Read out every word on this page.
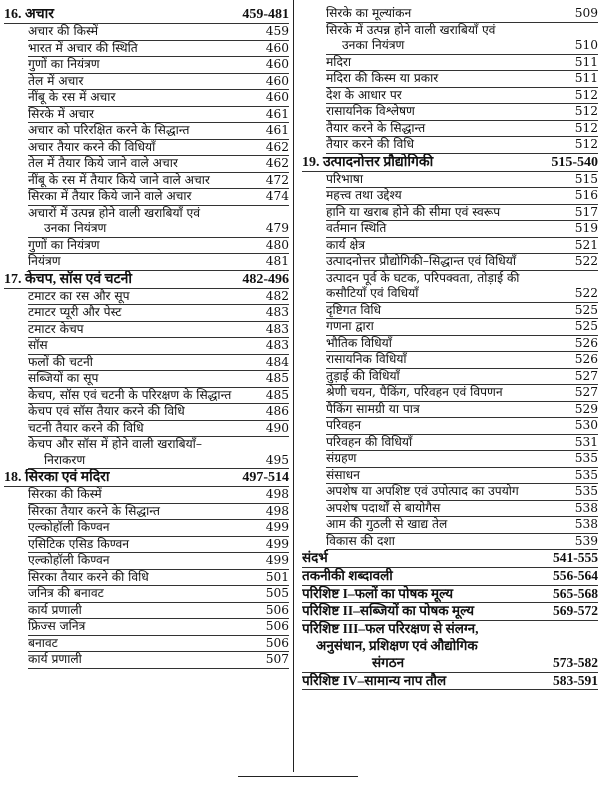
16. अचार	459-481
अचार की किस्में	459
भारत में अचार की स्थिति	460
गुणों का नियंत्रण	460
तेल में अचार	460
नींबू के रस में अचार	460
सिरके में अचार	461
अचार को परिरक्षित करने के सिद्धान्त	461
अचार तैयार करने की विधियाँ	462
तेल में तैयार किये जाने वाले अचार	462
नींबू के रस में तैयार किये जाने वाले अचार	472
सिरका में तैयार किये जाने वाले अचार	474
अचारों में उत्पन्न होने वाली खराबियाँ एवं
उनका नियंत्रण	479
गुणों का नियंत्रण	480
नियंत्रण	481
17. केचप, सॉस एवं चटनी	482-496
टमाटर का रस और सूप	482
टमाटर प्यूरी और पेस्ट	483
टमाटर केचप	483
सॉस	483
फलों की चटनी	484
सब्जियों का सूप	485
केचप, सॉस एवं चटनी के परिरक्षण के सिद्धान्त	485
केचप एवं सॉस तैयार करने की विधि	486
चटनी तैयार करने की विधि	490
केचप और सॉस में होने वाली खराबियाँ–
निराकरण	495
18. सिरका एवं मदिरा	497-514
सिरका की किस्में	498
सिरका तैयार करने के सिद्धान्त	498
एल्कोहॉली किण्वन	499
एसिटिक एसिड किण्वन	499
एल्कोहॉली किण्वन	499
सिरका तैयार करने की विधि	501
जनित्र की बनावट	505
कार्य प्रणाली	506
फ्रिज्स जनित्र	506
बनावट	506
कार्य प्रणाली	507
सिरके का मूल्यांकन	509
सिरके में उत्पन्न होने वाली खराबियाँ एवं
उनका नियंत्रण	510
मदिरा	511
मदिरा की किस्म या प्रकार	511
देश के आधार पर	512
रासायनिक विश्लेषण	512
तैयार करने के सिद्धान्त	512
तैयार करने की विधि	512
19. उत्पादनोत्तर प्रौद्योगिकी	515-540
परिभाषा	515
महत्त्व तथा उद्देश्य	516
हानि या खराब होने की सीमा एवं स्वरूप	517
वर्तमान स्थिति	519
कार्य क्षेत्र	521
उत्पादनोत्तर प्रौद्योगिकी–सिद्धान्त एवं विधियाँ	522
उत्पादन पूर्व के घटक, परिपक्वता, तोड़ाई की
कसौटियाँ एवं विधियाँ	522
दृष्टिगत विधि	525
गणना द्वारा	525
भौतिक विधियाँ	526
रासायनिक विधियाँ	526
तुड़ाई की विधियाँ	527
श्रेणी चयन, पैकिंग, परिवहन एवं विपणन	527
पैकिंग सामग्री या पात्र	529
परिवहन	530
परिवहन की विधियाँ	531
संग्रहण	535
संसाधन	535
अपशेष या अपशिष्ट एवं उपोत्पाद का उपयोग	535
अपशेष पदार्थों से बायोगैस	538
आम की गुठली से खाद्य तेल	538
विकास की दशा	539
संदर्भ	541-555
तकनीकी शब्दावली	556-564
परिशिष्ट I–फलों का पोषक मूल्य	565-568
परिशिष्ट II–सब्जियों का पोषक मूल्य	569-572
परिशिष्ट III–फल परिरक्षण से संलग्न,
अनुसंधान, प्रशिक्षण एवं औद्योगिक
संगठन	573-582
परिशिष्ट IV–सामान्य नाप तौल	583-591
